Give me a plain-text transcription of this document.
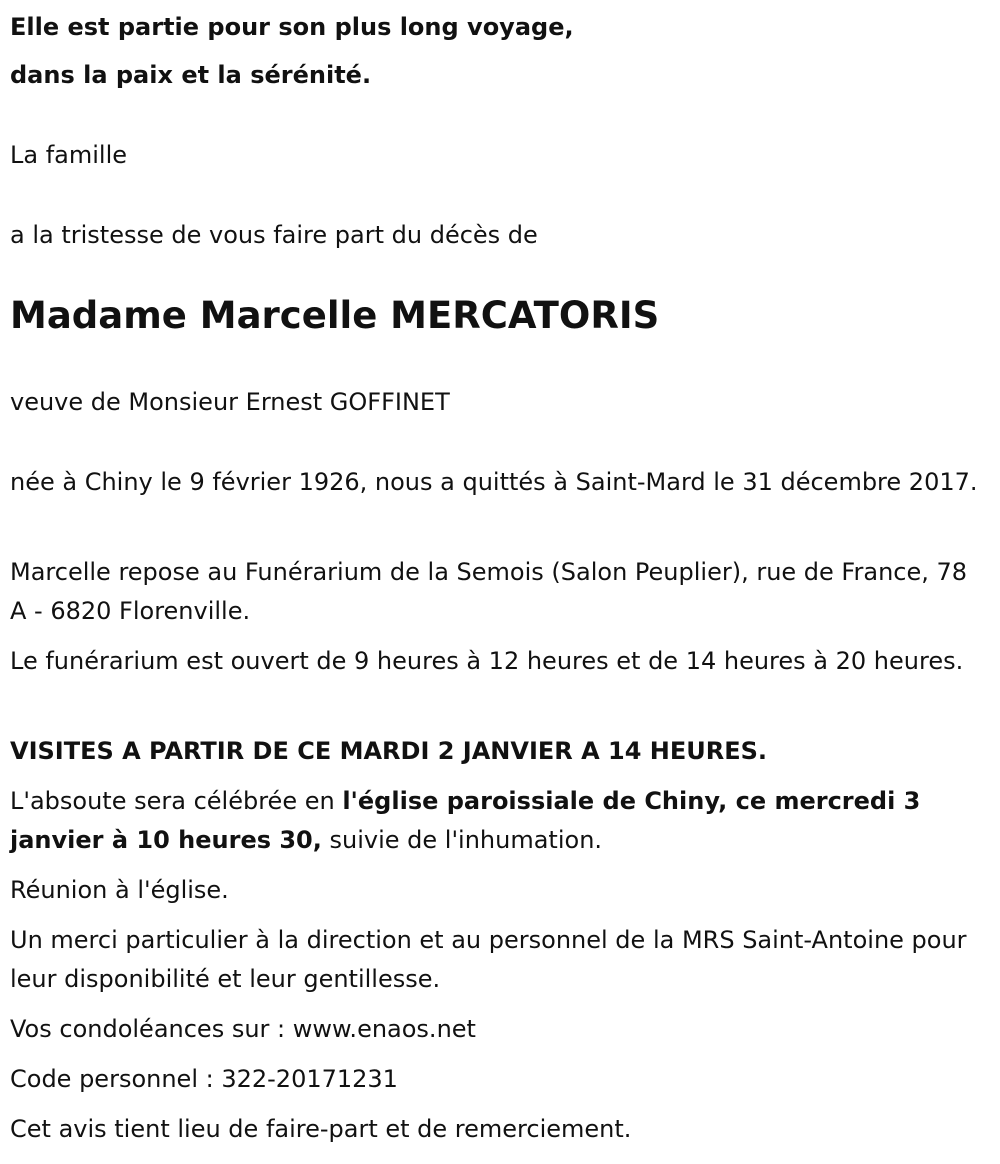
Elle est partie pour son plus long voyage,

dans la paix et la sérénité.

La famille

a la tristesse de vous faire part du décès de

Madame Marcelle MERCATORIS

veuve de Monsieur Ernest GOFFINET

née à Chiny le 9 février 1926, nous a quittés à Saint-Mard le 31 décembre 2017.

Marcelle repose au Funérarium de la Semois (Salon Peuplier), rue de France, 78 A - 6820 Florenville.

Le funérarium est ouvert de 9 heures à 12 heures et de 14 heures à 20 heures.

VISITES A PARTIR DE CE MARDI 2 JANVIER A 14 HEURES.

L'absoute sera célébrée en l'église paroissiale de Chiny, ce mercredi 3 janvier à 10 heures 30, suivie de l'inhumation.

Réunion à l'église.

Un merci particulier à la direction et au personnel de la MRS Saint-Antoine pour leur disponibilité et leur gentillesse.

Vos condoléances sur : www.enaos.net

Code personnel : 322-20171231

Cet avis tient lieu de faire-part et de remerciement.
